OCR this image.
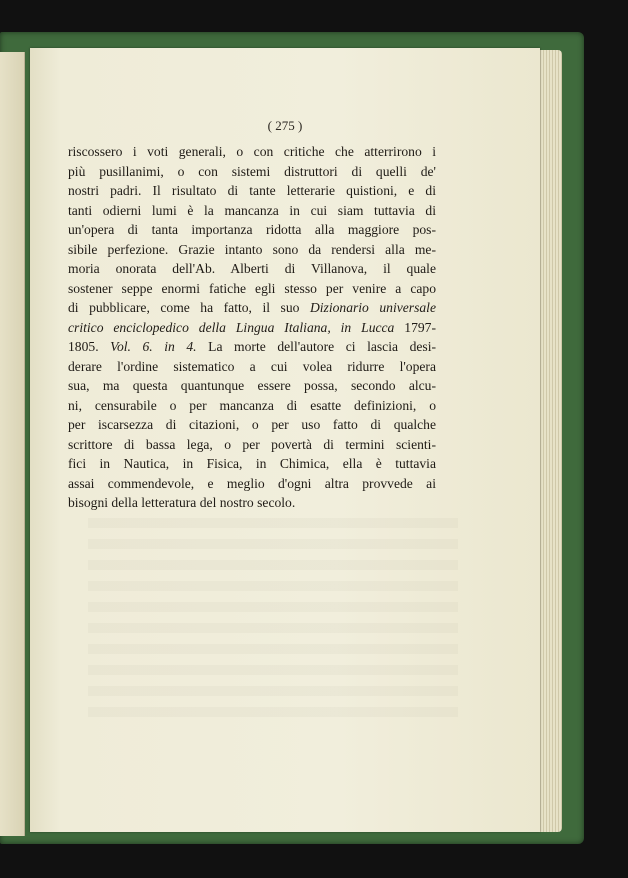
( 275 )
riscossero i voti generali, o con critiche che atterrirono i
più pusillanimi, o con sistemi distruttori di quelli de'
nostri padri. Il risultato di tante letterarie quistioni, e di
tanti odierni lumi è la mancanza in cui siam tuttavia di
un'opera di tanta importanza ridotta alla maggiore pos-
sibile perfezione. Grazie intanto sono da rendersi alla me-
moria onorata dell'Ab. Alberti di Villanova, il quale
sostener seppe enormi fatiche egli stesso per venire a capo
di pubblicare, come ha fatto, il suo Dizionario universale
critico enciclopedico della Lingua Italiana, in Lucca 1797-
1805. Vol. 6. in 4. La morte dell'autore ci lascia desi-
derare l'ordine sistematico a cui volea ridurre l'opera
sua, ma questa quantunque essere possa, secondo alcu-
ni, censurabile o per mancanza di esatte definizioni, o
per iscarsezza di citazioni, o per uso fatto di qualche
scrittore di bassa lega, o per povertà di termini scienti-
fici in Nautica, in Fisica, in Chimica, ella è tuttavia
assai commendevole, e meglio d'ogni altra provvede ai
bisogni della letteratura del nostro secolo.
